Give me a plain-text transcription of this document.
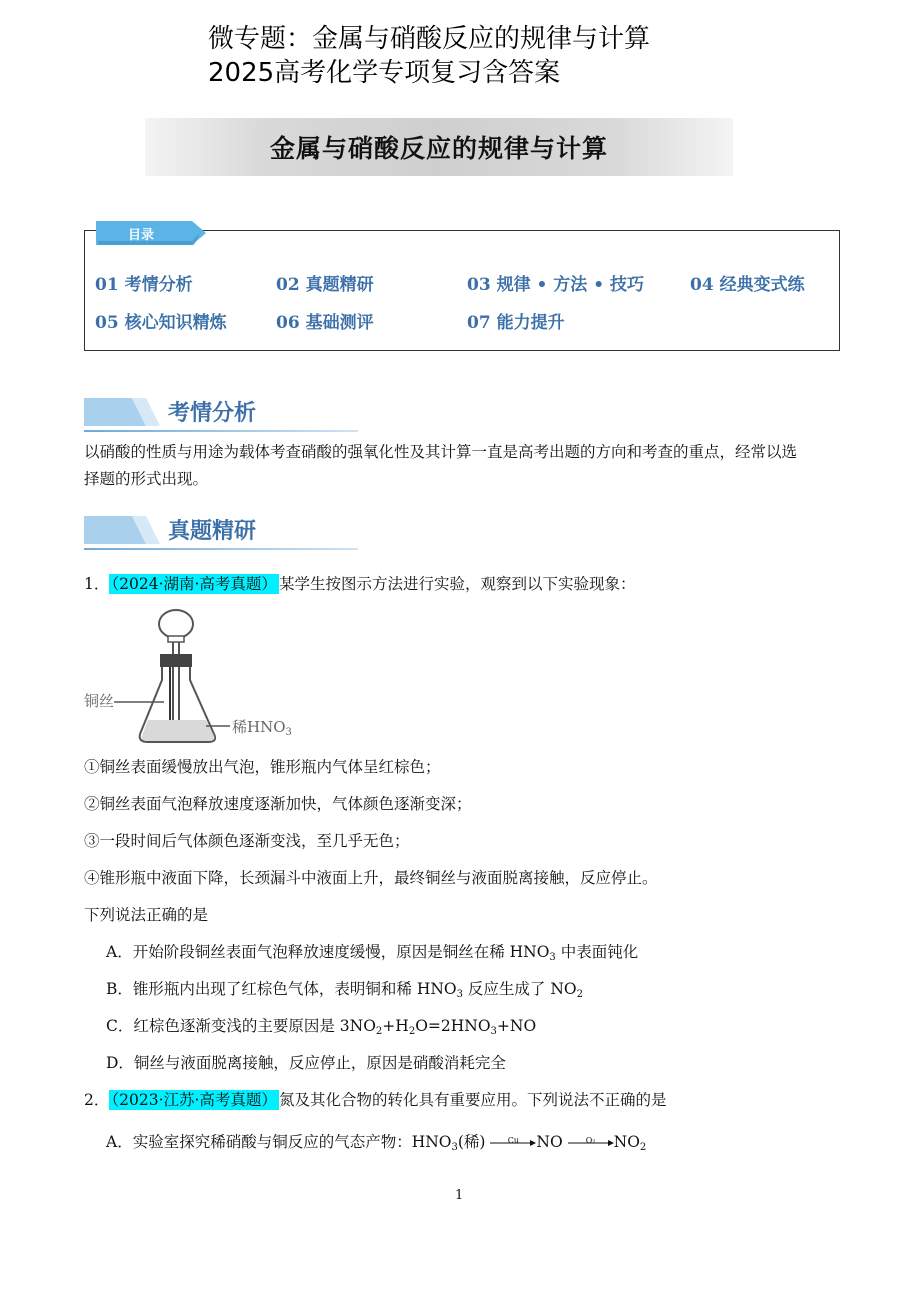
微专题：金属与硝酸反应的规律与计算
2025高考化学专项复习含答案
金属与硝酸反应的规律与计算
目录
01 考情分析	02 真题精研	03 规律 • 方法 • 技巧	04 经典变式练
05 核心知识精炼	06 基础测评	07 能力提升
考情分析
以硝酸的性质与用途为载体考查硝酸的强氧化性及其计算一直是高考出题的方向和考查的重点，经常以选
择题的形式出现。
真题精研
1． （2024·湖南·高考真题） 某学生按图示方法进行实验，观察到以下实验现象：
铜丝
稀$HNO_3$
①铜丝表面缓慢放出气泡，锥形瓶内气体呈红棕色；
②铜丝表面气泡释放速度逐渐加快，气体颜色逐渐变深；
③一段时间后气体颜色逐渐变浅，至几乎无色；
④锥形瓶中液面下降，长颈漏斗中液面上升，最终铜丝与液面脱离接触，反应停止。
下列说法正确的是
A．开始阶段铜丝表面气泡释放速度缓慢，原因是铜丝在稀 $HNO_3$ 中表面钝化
B．锥形瓶内出现了红棕色气体，表明铜和稀 $HNO_3$ 反应生成了 $NO_2$
C．红棕色逐渐变浅的主要原因是 $3NO_2+H_2O=2HNO_3+NO$
D．铜丝与液面脱离接触，反应停止，原因是硝酸消耗完全
2． （2023·江苏·高考真题） 氮及其化合物的转化具有重要应用。下列说法不正确的是
A．实验室探究稀硝酸与铜反应的气态产物：$HNO_3$(稀)	Cu	NO	O₂	$NO_2$
1
